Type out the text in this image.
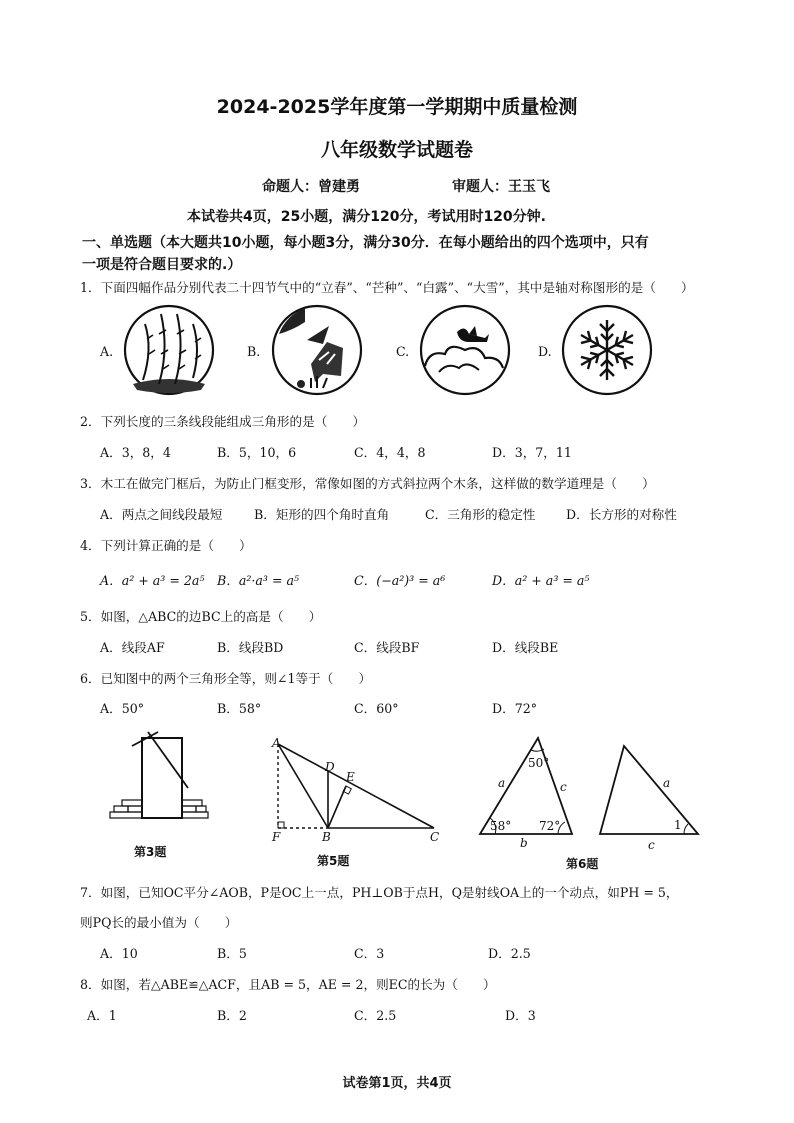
2024-2025学年度第一学期期中质量检测
八年级数学试题卷
命题人：曾建勇	审题人：王玉飞
本试卷共4页，25小题，满分120分，考试用时120分钟.
一、单选题（本大题共10小题，每小题3分，满分30分．在每小题给出的四个选项中，只有
一项是符合题目要求的.）
1．下面四幅作品分别代表二十四节气中的“立春”、“芒种”、“白露”、“大雪”，其中是轴对称图形的是（　　）
A.	B.	C.	D.
2．下列长度的三条线段能组成三角形的是（　　）
A．3，8，4	B．5，10，6	C．4，4，8	D．3，7，11
3．木工在做完门框后，为防止门框变形，常像如图的方式斜拉两个木条，这样做的数学道理是（　　）
A．两点之间线段最短	B．矩形的四个角时直角	C．三角形的稳定性 D．长方形的对称性
4．下列计算正确的是（　　）
A．a² + a³ = 2a⁵ B．a²·a³ = a⁵	C．(−a²)³ = a⁶	D．a² + a³ = a⁵
5．如图，△ABC的边BC上的高是（　　）
A．线段AF	B．线段BD	C．线段BF	D．线段BE
6．已知图中的两个三角形全等，则∠1等于（　　）
A．50°	B．58°	C．60°	D．72°
第3题
A
D
E
F	B	C
第5题
50°
a	c
58° 72°
b
a
1
c
第6题
7．如图，已知OC平分∠AOB，P是OC上一点，PH⊥OB于点H，Q是射线OA上的一个动点，如PH = 5，
则PQ长的最小值为（　　）
A．10	B．5	C．3	D．2.5
8．如图，若△ABE≌△ACF，且AB = 5，AE = 2，则EC的长为（　　）
A．1	B．2	C．2.5	D．3
试卷第1页，共4页
